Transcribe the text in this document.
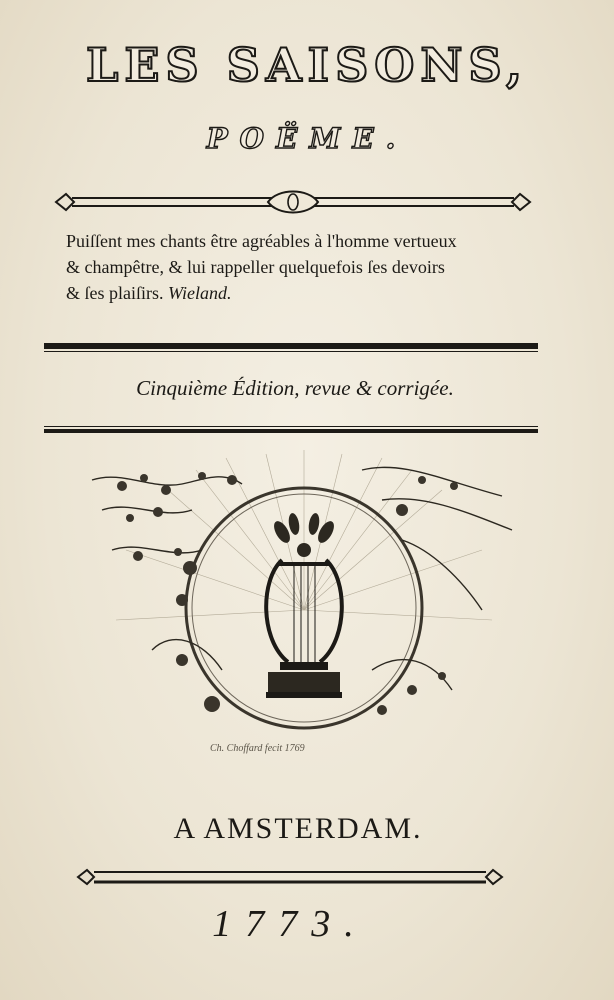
LES SAISONS,
POËME.
Puiſſent mes chants être agréables à l'homme vertueux
& champêtre, & lui rappeller quelquefois ſes devoirs
& ſes plaiſirs. Wieland.
Cinquième Édition, revue & corrigée.
Ch. Choffard fecit 1769
A AMSTERDAM.
1773.
